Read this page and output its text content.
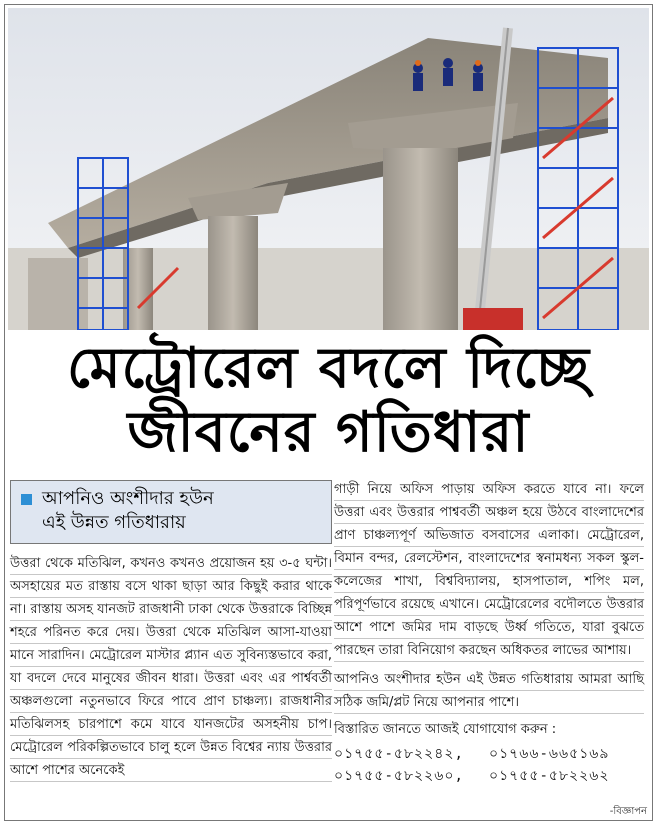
মেট্রোরেল বদলে দিচ্ছে
জীবনের গতিধারা
আপনিও অংশীদার হউন
এই উন্নত গতিধারায়
উত্তরা থেকে মতিঝিল, কখনও কখনও প্রয়োজন হয় ৩-৫ ঘন্টা। অসহায়ের মত রাস্তায় বসে থাকা ছাড়া আর কিছুই করার থাকে না। রাস্তায় অসহ যানজট রাজধানী ঢাকা থেকে উত্তরাকে বিচ্ছিন্ন শহরে পরিনত করে দেয়। উত্তরা থেকে মতিঝিল আসা-যাওয়া মানে সারাদিন। মেট্রোরেল মাস্টার প্ল্যান এত সুবিন্যস্তভাবে করা, যা বদলে দেবে মানুষের জীবন ধারা। উত্তরা এবং এর পার্শ্ববর্তী অঞ্চলগুলো নতুনভাবে ফিরে পাবে প্রাণ চাঞ্চল্য। রাজধানীর মতিঝিলসহ চারপাশে কমে যাবে যানজটের অসহনীয় চাপ। মেট্রোরেল পরিকল্পিতভাবে চালু হলে উন্নত বিশ্বের ন্যায় উত্তরার আশে পাশের অনেকেই
গাড়ী নিয়ে অফিস পাড়ায় অফিস করতে যাবে না। ফলে উত্তরা এবং উত্তরার পাশ্ববর্তী অঞ্চল হয়ে উঠবে বাংলাদেশের প্রাণ চাঞ্চল্যপূর্ণ অভিজাত বসবাসের এলাকা। মেট্রোরেল, বিমান বন্দর, রেলস্টেশন, বাংলাদেশের স্বনামধন্য সকল স্কুল-কলেজের শাখা, বিশ্ববিদ্যালয়, হাসপাতাল, শপিং মল, পরিপূর্ণভাবে রয়েছে এখানে। মেট্রোরেলের বদৌলতে উত্তরার আশে পাশে জমির দাম বাড়ছে উর্ধ্ব গতিতে, যারা বুঝতে পারছেন তারা বিনিয়োগ করছেন অধিকতর লাভের আশায়।
আপনিও অংশীদার হউন এই উন্নত গতিধারায় আমরা আছি সঠিক জমি/প্লট নিয়ে আপনার পাশে।
বিস্তারিত জানতে আজই যোগাযোগ করুন :
০১৭৫৫-৫৮২২৪২,	০১৭৬৬-৬৬৫১৬৯
০১৭৫৫-৫৮২২৬০,	০১৭৫৫-৫৮২২৬২
-বিজ্ঞাপন
